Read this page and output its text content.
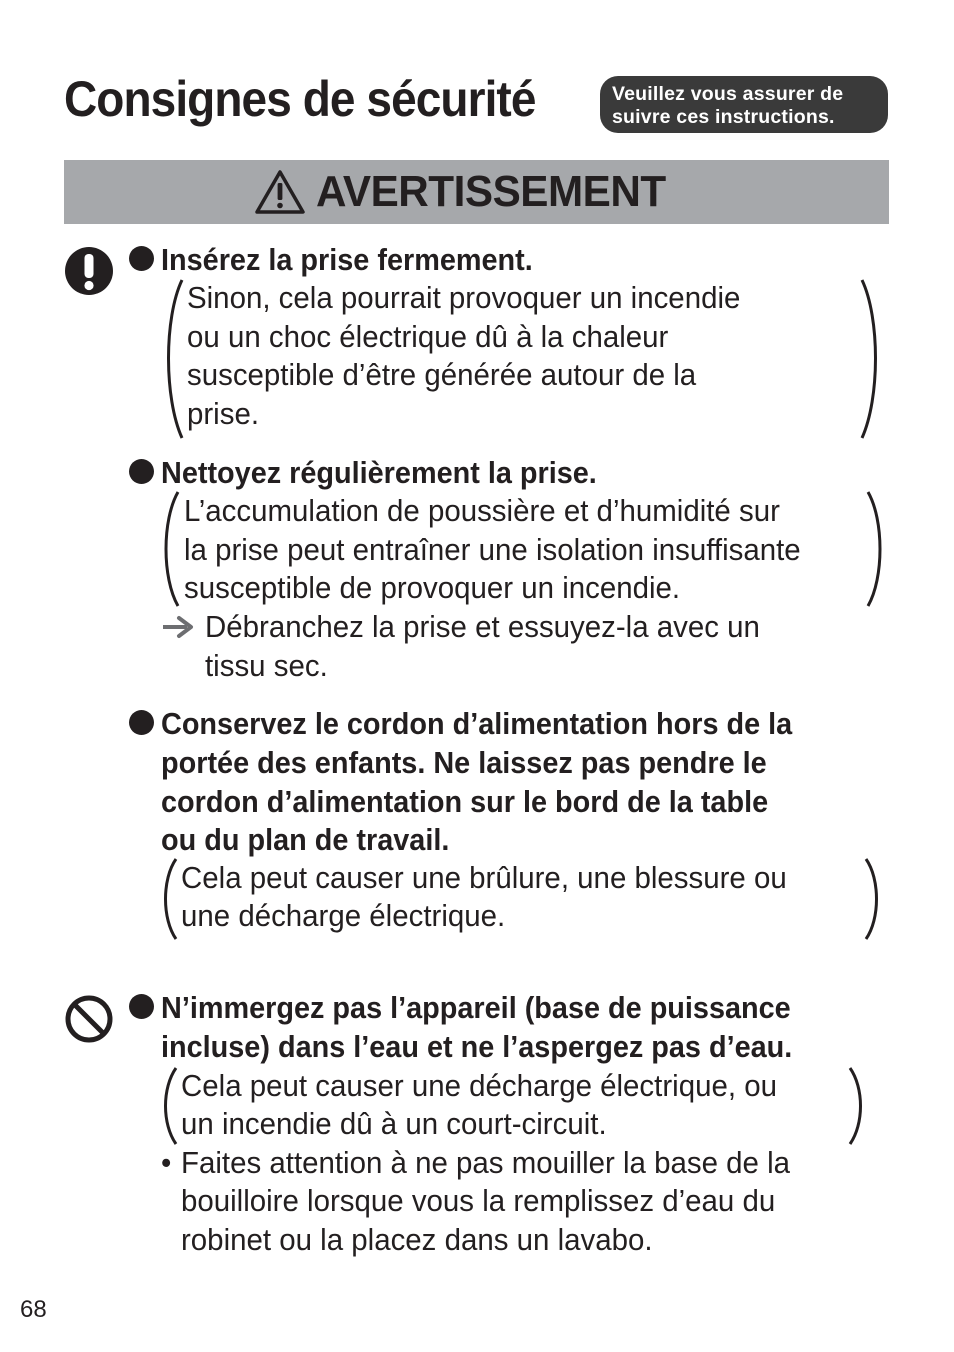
Consignes de sécurité	Veuillez vous assurer de
suivre ces instructions.
AVERTISSEMENT
Insérez la prise fermement.
Sinon, cela pourrait provoquer un incendie
ou un choc électrique dû à la chaleur
susceptible d’être générée autour de la
prise.
Nettoyez régulièrement la prise.
L’accumulation de poussière et d’humidité sur
la prise peut entraîner une isolation insuffisante
susceptible de provoquer un incendie.
Débranchez la prise et essuyez-la avec un
tissu sec.
Conservez le cordon d’alimentation hors de la
portée des enfants. Ne laissez pas pendre le
cordon d’alimentation sur le bord de la table
ou du plan de travail.
Cela peut causer une brûlure, une blessure ou
une décharge électrique.
N’immergez pas l’appareil (base de puissance
incluse) dans l’eau et ne l’aspergez pas d’eau.
Cela peut causer une décharge électrique, ou
un incendie dû à un court-circuit.
• Faites attention à ne pas mouiller la base de la
bouilloire lorsque vous la remplissez d’eau du
robinet ou la placez dans un lavabo.
68
